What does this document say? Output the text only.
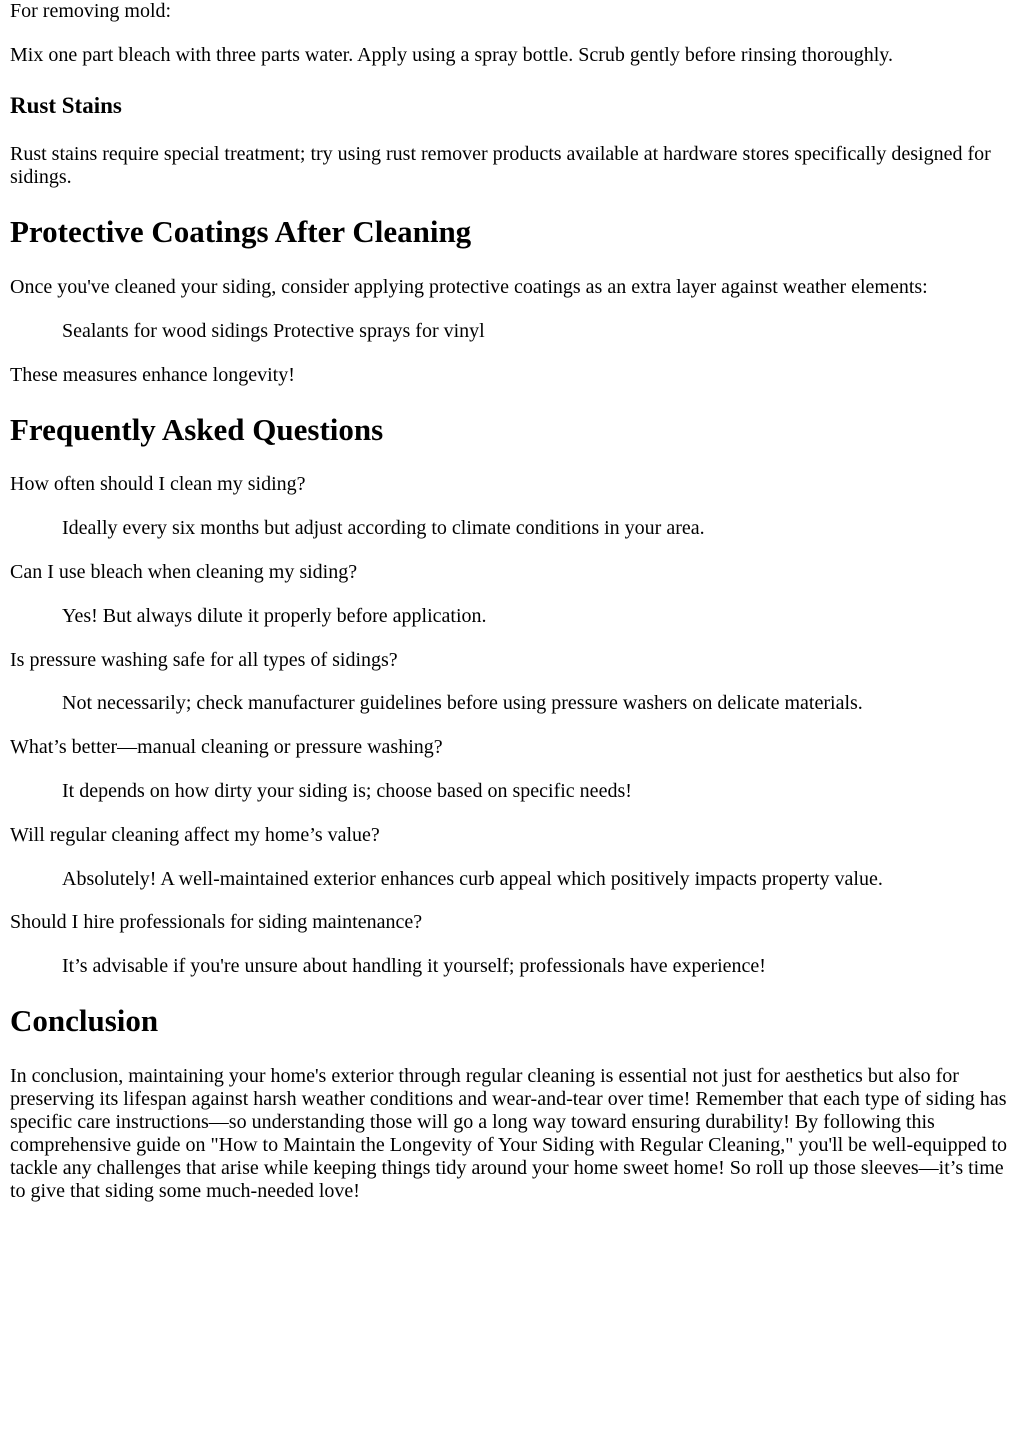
For removing mold:

Mix one part bleach with three parts water. Apply using a spray bottle. Scrub gently before rinsing thoroughly.

Rust Stains

Rust stains require special treatment; try using rust remover products available at hardware stores specifically designed for sidings.

Protective Coatings After Cleaning

Once you've cleaned your siding, consider applying protective coatings as an extra layer against weather elements:

Sealants for wood sidings Protective sprays for vinyl

These measures enhance longevity!

Frequently Asked Questions

How often should I clean my siding?

Ideally every six months but adjust according to climate conditions in your area.

Can I use bleach when cleaning my siding?

Yes! But always dilute it properly before application.

Is pressure washing safe for all types of sidings?

Not necessarily; check manufacturer guidelines before using pressure washers on delicate materials.

What’s better—manual cleaning or pressure washing?

It depends on how dirty your siding is; choose based on specific needs!

Will regular cleaning affect my home’s value?

Absolutely! A well-maintained exterior enhances curb appeal which positively impacts property value.

Should I hire professionals for siding maintenance?

It’s advisable if you're unsure about handling it yourself; professionals have experience!

Conclusion

In conclusion, maintaining your home's exterior through regular cleaning is essential not just for aesthetics but also for preserving its lifespan against harsh weather conditions and wear-and-tear over time! Remember that each type of siding has specific care instructions—so understanding those will go a long way toward ensuring durability! By following this comprehensive guide on "How to Maintain the Longevity of Your Siding with Regular Cleaning," you'll be well-equipped to tackle any challenges that arise while keeping things tidy around your home sweet home! So roll up those sleeves—it’s time to give that siding some much-needed love!
